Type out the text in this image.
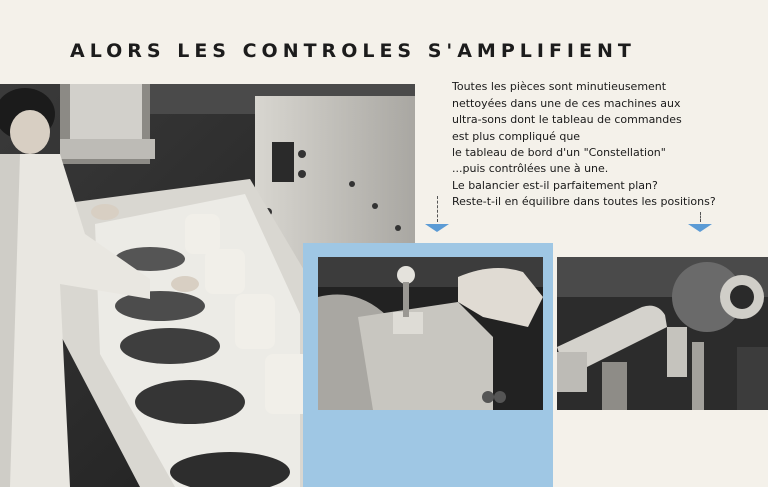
ALORS LES CONTROLES S'AMPLIFIENT
Toutes les pièces sont minutieusement
nettoyées dans une de ces machines aux
ultra-sons dont le tableau de commandes
est plus compliqué que
le tableau de bord d'un "Constellation"
...puis contrôlées une à une.
Le balancier est-il parfaitement plan?
Reste-t-il en équilibre dans toutes les positions?
